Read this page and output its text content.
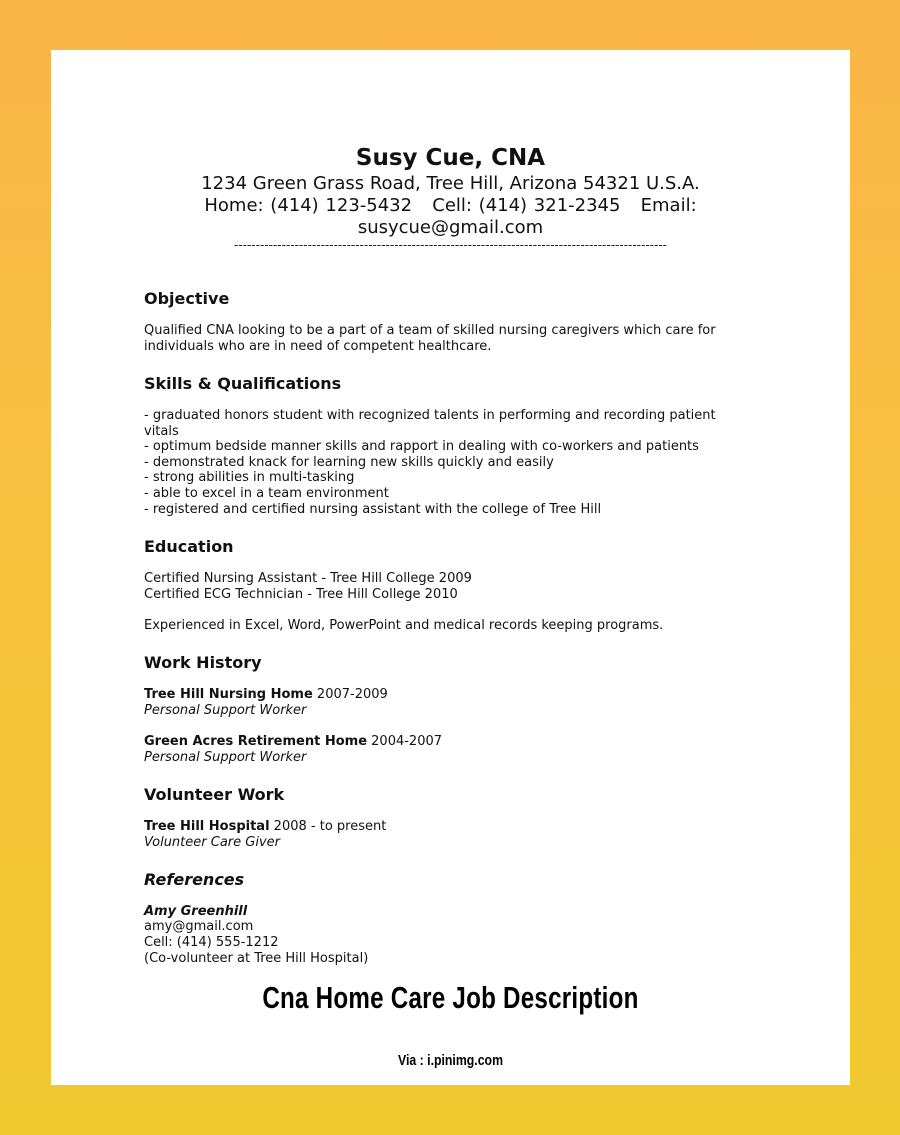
Susy Cue, CNA
1234 Green Grass Road, Tree Hill, Arizona 54321 U.S.A.
Home: (414) 123-5432   Cell: (414) 321-2345   Email:
susycue@gmail.com
----------------------------------------------------------------------------------------------------
Objective
Qualified CNA looking to be a part of a team of skilled nursing caregivers which care for
individuals who are in need of competent healthcare.
Skills & Qualifications
- graduated honors student with recognized talents in performing and recording patient
vitals
- optimum bedside manner skills and rapport in dealing with co-workers and patients
- demonstrated knack for learning new skills quickly and easily
- strong abilities in multi-tasking
- able to excel in a team environment
- registered and certified nursing assistant with the college of Tree Hill
Education
Certified Nursing Assistant - Tree Hill College 2009
Certified ECG Technician - Tree Hill College 2010
Experienced in Excel, Word, PowerPoint and medical records keeping programs.
Work History
Tree Hill Nursing Home 2007-2009
Personal Support Worker
Green Acres Retirement Home 2004-2007
Personal Support Worker
Volunteer Work
Tree Hill Hospital 2008 - to present
Volunteer Care Giver
References
Amy Greenhill
amy@gmail.com
Cell: (414) 555-1212
(Co-volunteer at Tree Hill Hospital)
Cna Home Care Job Description
Via : i.pinimg.com
